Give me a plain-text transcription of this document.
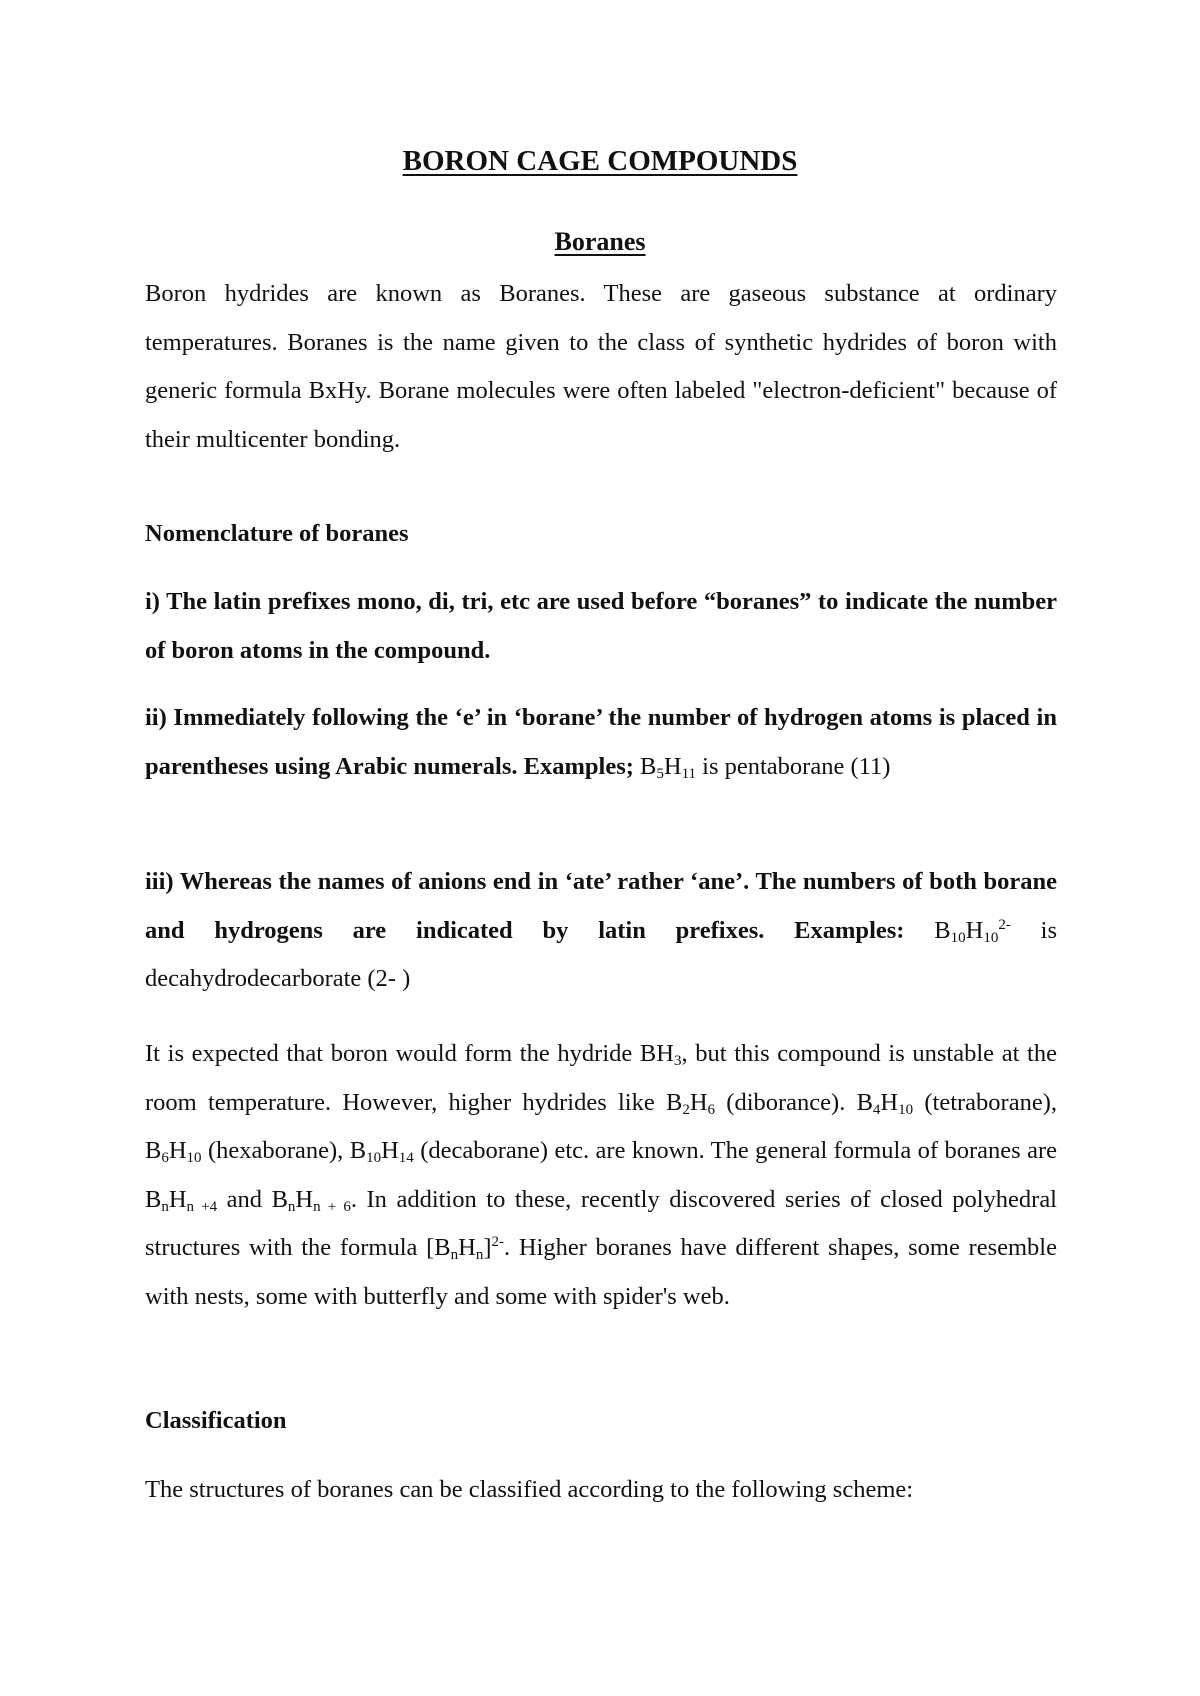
BORON CAGE COMPOUNDS
Boranes

Boron hydrides are known as Boranes. These are gaseous substance at ordinary temperatures. Boranes is the name given to the class of synthetic hydrides of boron with generic formula BxHy. Borane molecules were often labeled "electron-deficient" because of their multicenter bonding.

Nomenclature of boranes

i) The latin prefixes mono, di, tri, etc are used before “boranes” to indicate the number of boron atoms in the compound.

ii) Immediately following the ‘e’ in ‘borane’ the number of hydrogen atoms is placed in parentheses using Arabic numerals. Examples; $B_5H_{11}$ is pentaborane (11)

iii) Whereas the names of anions end in ‘ate’ rather ‘ane’. The numbers of both borane and hydrogens are indicated by latin prefixes. Examples: $B_{10}H_{10}^{2-}$ is decahydrodecarborate (2- )

It is expected that boron would form the hydride $BH_3$, but this compound is unstable at the room temperature. However, higher hydrides like $B_2H_6$ (diborance). $B_4H_{10}$ (tetraborane), $B_6H_{10}$ (hexaborane), $B_{10}H_{14}$ (decaborane) etc. are known. The general formula of boranes are $B_nH_{n +4}$ and $B_nH_{n + 6}$. In addition to these, recently discovered series of closed polyhedral structures with the formula $[B_nH_n]^{2-}$. Higher boranes have different shapes, some resemble with nests, some with butterfly and some with spider's web.

Classification

The structures of boranes can be classified according to the following scheme:
